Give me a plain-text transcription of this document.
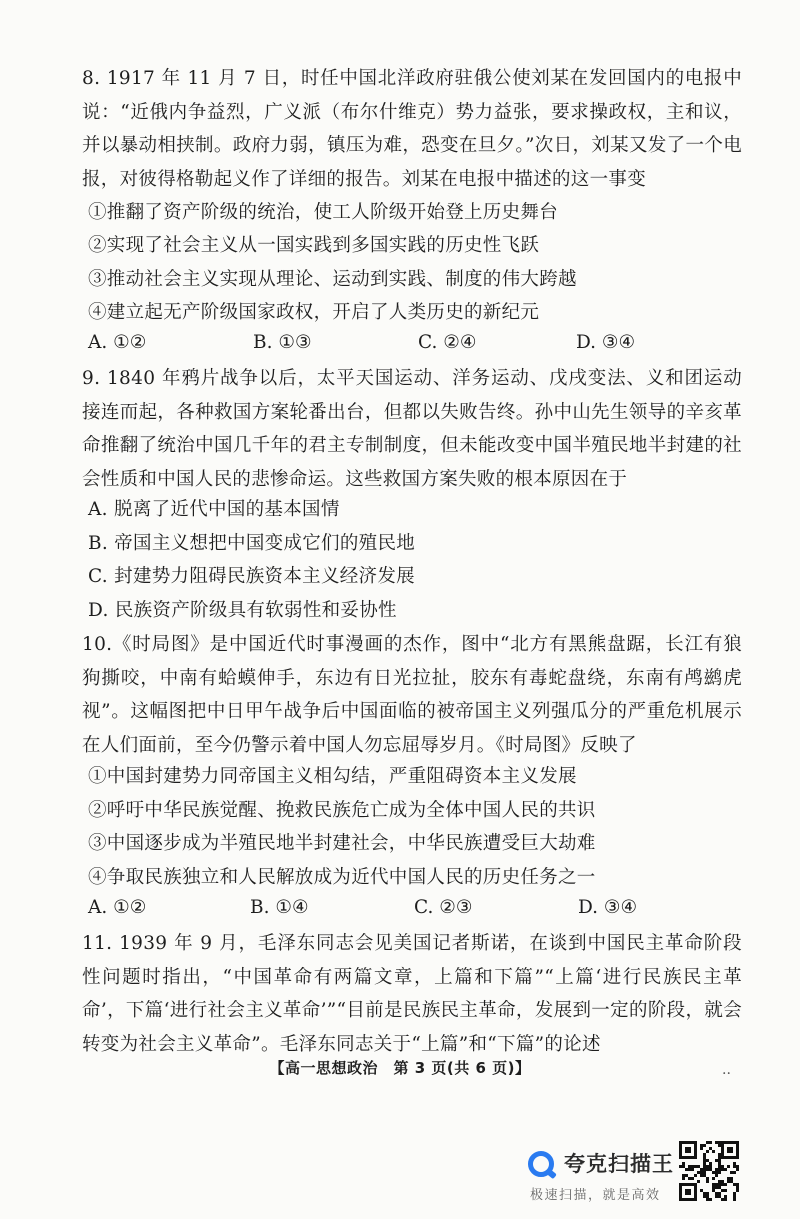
8. 1917 年 11 月 7 日，时任中国北洋政府驻俄公使刘某在发回国内的电报中说：“近俄内争益烈，广义派（布尔什维克）势力益张，要求操政权，主和议，并以暴动相挟制。政府力弱，镇压为难，恐变在旦夕。”次日，刘某又发了一个电报，对彼得格勒起义作了详细的报告。刘某在电报中描述的这一事变
①推翻了资产阶级的统治，使工人阶级开始登上历史舞台
②实现了社会主义从一国实践到多国实践的历史性飞跃
③推动社会主义实现从理论、运动到实践、制度的伟大跨越
④建立起无产阶级国家政权，开启了人类历史的新纪元
A. ①②	B. ①③	C. ②④	D. ③④
9. 1840 年鸦片战争以后，太平天国运动、洋务运动、戊戌变法、义和团运动接连而起，各种救国方案轮番出台，但都以失败告终。孙中山先生领导的辛亥革命推翻了统治中国几千年的君主专制制度，但未能改变中国半殖民地半封建的社会性质和中国人民的悲惨命运。这些救国方案失败的根本原因在于
A. 脱离了近代中国的基本国情
B. 帝国主义想把中国变成它们的殖民地
C. 封建势力阻碍民族资本主义经济发展
D. 民族资产阶级具有软弱性和妥协性
10.《时局图》是中国近代时事漫画的杰作，图中“北方有黑熊盘踞，长江有狼狗撕咬，中南有蛤蟆伸手，东边有日光拉扯，胶东有毒蛇盘绕，东南有鸬鹚虎视”。这幅图把中日甲午战争后中国面临的被帝国主义列强瓜分的严重危机展示在人们面前，至今仍警示着中国人勿忘屈辱岁月。《时局图》反映了
①中国封建势力同帝国主义相勾结，严重阻碍资本主义发展
②呼吁中华民族觉醒、挽救民族危亡成为全体中国人民的共识
③中国逐步成为半殖民地半封建社会，中华民族遭受巨大劫难
④争取民族独立和人民解放成为近代中国人民的历史任务之一
A. ①②	B. ①④	C. ②③	D. ③④
11. 1939 年 9 月，毛泽东同志会见美国记者斯诺，在谈到中国民主革命阶段性问题时指出，“中国革命有两篇文章，上篇和下篇”“上篇‘进行民族民主革命’，下篇‘进行社会主义革命’”“目前是民族民主革命，发展到一定的阶段，就会转变为社会主义革命”。毛泽东同志关于“上篇”和“下篇”的论述
【高一思想政治　第 3 页(共 6 页)】	..
夸克扫描王
极速扫描，就是高效
